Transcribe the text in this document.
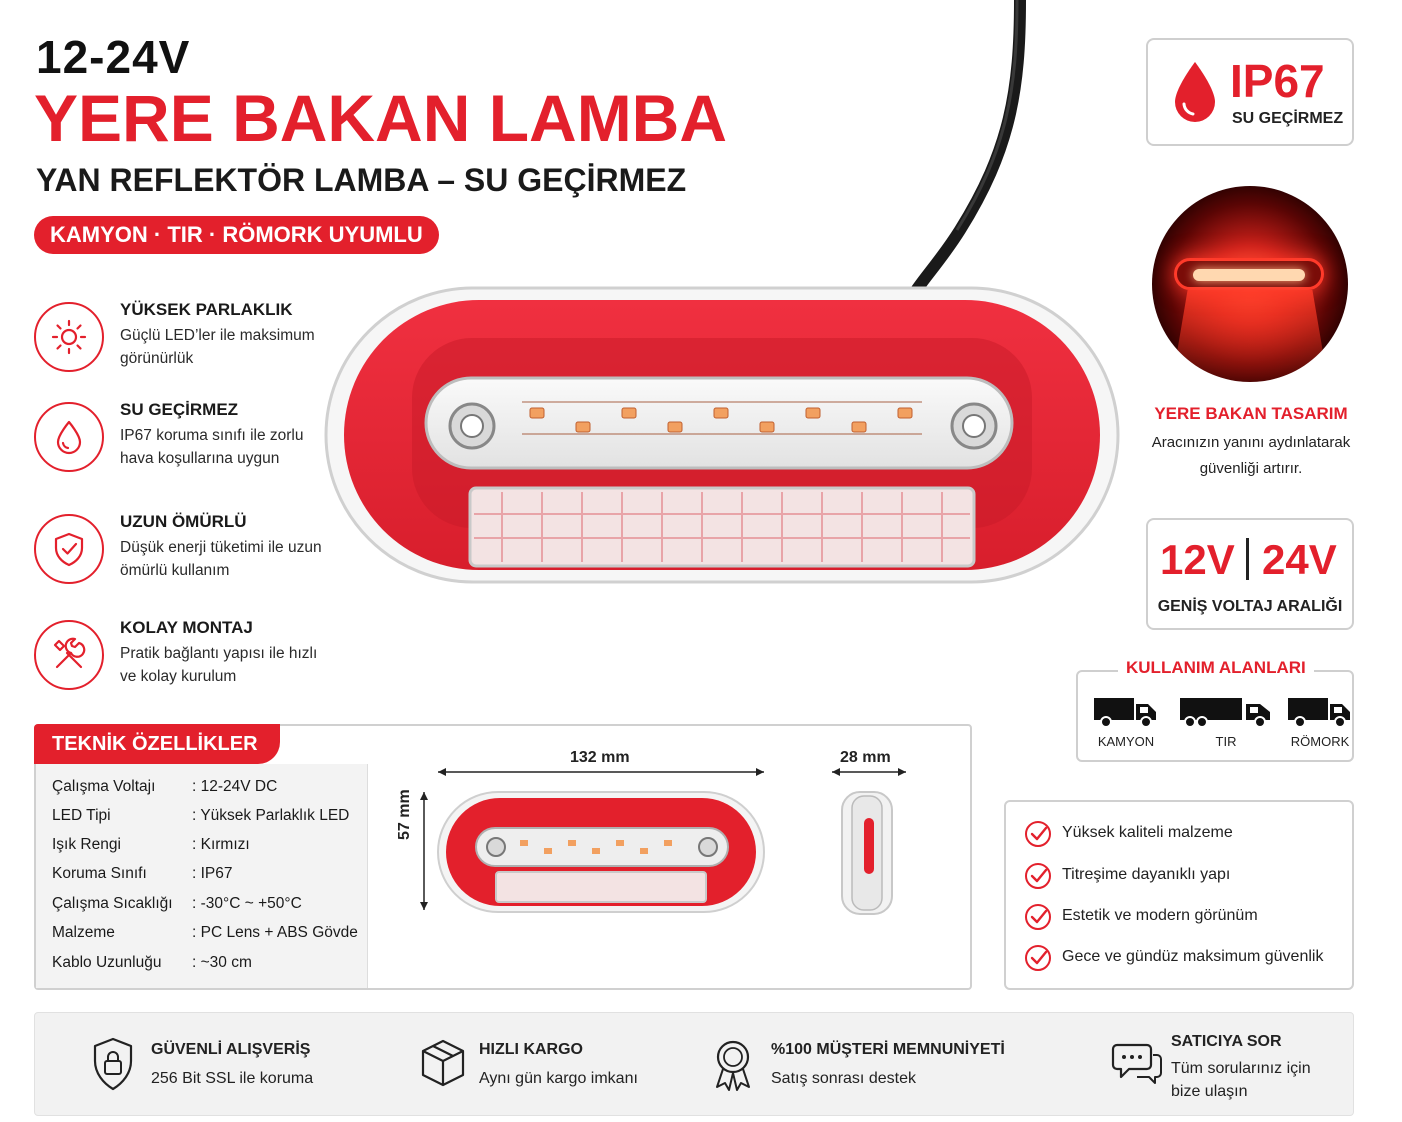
12-24V
YERE BAKAN LAMBA
YAN REFLEKTÖR LAMBA – SU GEÇİRMEZ
KAMYON · TIR · RÖMORK UYUMLU
YÜKSEK PARLAKLIK
Güçlü LED’ler ile maksimum görünürlük
SU GEÇİRMEZ
IP67 koruma sınıfı ile zorlu hava koşullarına uygun
UZUN ÖMÜRLÜ
Düşük enerji tüketimi ile uzun ömürlü kullanım
KOLAY MONTAJ
Pratik bağlantı yapısı ile hızlı ve kolay kurulum
IP67
SU GEÇİRMEZ
YERE BAKAN TASARIM
Aracınızın yanını aydınlatarak güvenliği artırır.
12V 24V
GENİŞ VOLTAJ ARALIĞI
KULLANIM ALANLARI
KAMYON	TIR	RÖMORK
TEKNİK ÖZELLİKLER
Çalışma Voltajı	: 12-24V DC
LED Tipi	: Yüksek Parlaklık LED
Işık Rengi	: Kırmızı
Koruma Sınıfı	: IP67
Çalışma Sıcaklığı	: -30°C ~ +50°C
Malzeme	: PC Lens + ABS Gövde
Kablo Uzunluğu	: ~30 cm
132 mm
57 mm
28 mm
Yüksek kaliteli malzeme
Titreşime dayanıklı yapı
Estetik ve modern görünüm
Gece ve gündüz maksimum güvenlik
GÜVENLİ ALIŞVERİŞ
256 Bit SSL ile koruma
HIZLI KARGO
Aynı gün kargo imkanı
%100 MÜŞTERİ MEMNUNİYETİ
Satış sonrası destek
SATICIYA SOR
Tüm sorularınız için bize ulaşın
